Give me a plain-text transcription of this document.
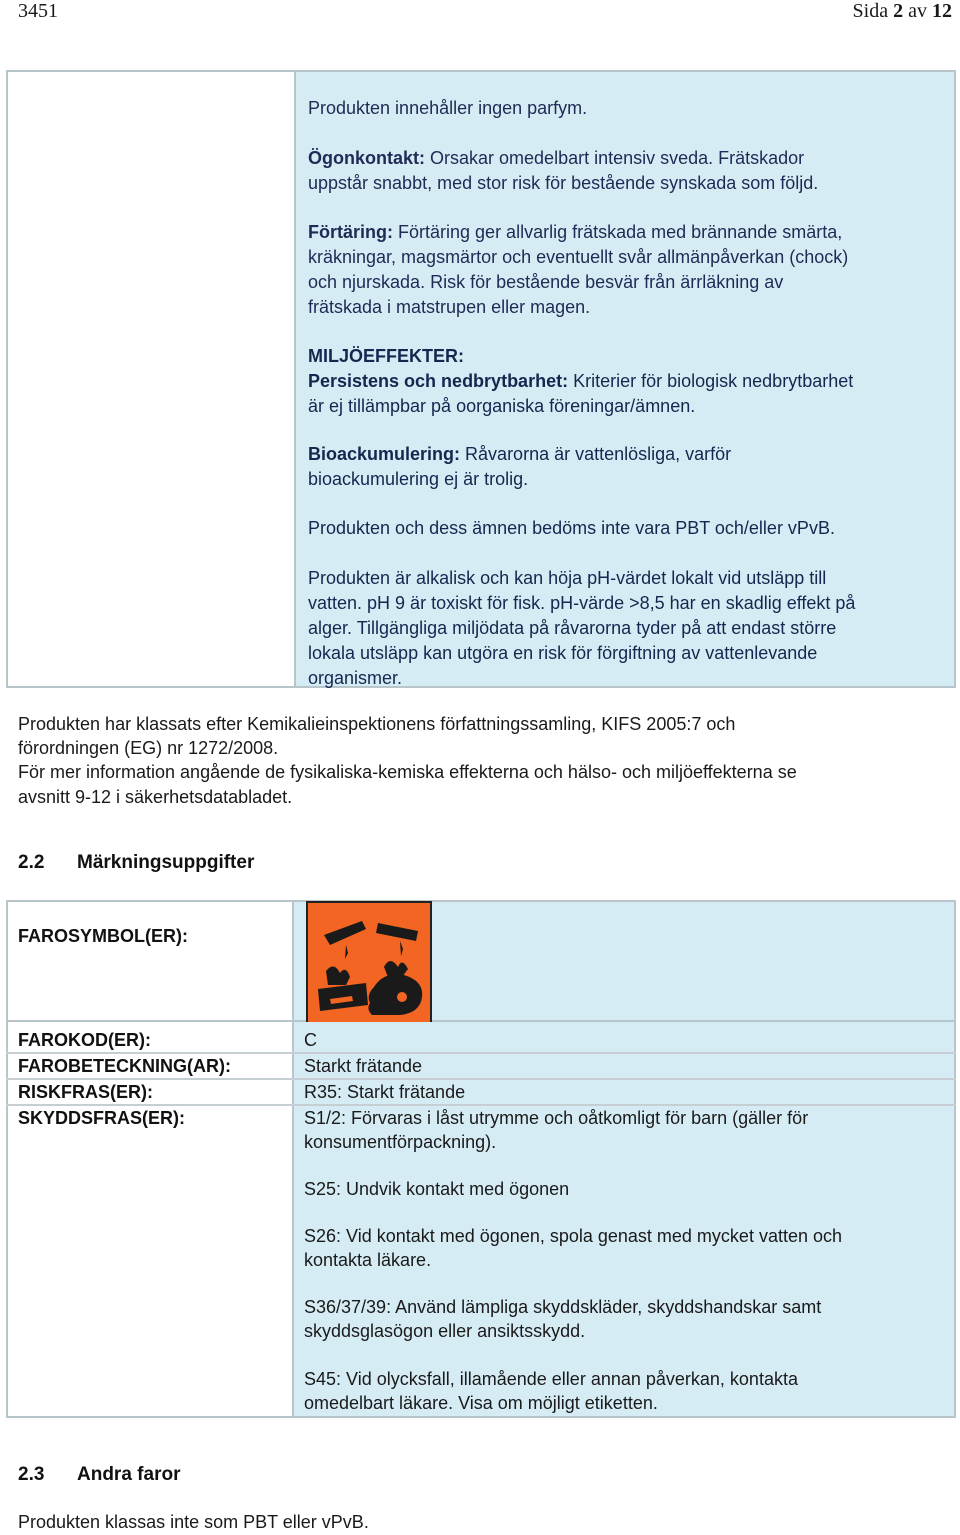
3451	Sida 2 av 12
Produkten innehåller ingen parfym.
Ögonkontakt: Orsakar omedelbart intensiv sveda. Frätskador
uppstår snabbt, med stor risk för bestående synskada som följd.
Förtäring: Förtäring ger allvarlig frätskada med brännande smärta,
kräkningar, magsmärtor och eventuellt svår allmänpåverkan (chock)
och njurskada. Risk för bestående besvär från ärrläkning av
frätskada i matstrupen eller magen.
MILJÖEFFEKTER:
Persistens och nedbrytbarhet: Kriterier för biologisk nedbrytbarhet
är ej tillämpbar på oorganiska föreningar/ämnen.
Bioackumulering: Råvarorna är vattenlösliga, varför
bioackumulering ej är trolig.
Produkten och dess ämnen bedöms inte vara PBT och/eller vPvB.
Produkten är alkalisk och kan höja pH-värdet lokalt vid utsläpp till
vatten. pH 9 är toxiskt för fisk. pH-värde >8,5 har en skadlig effekt på
alger. Tillgängliga miljödata på råvarorna tyder på att endast större
lokala utsläpp kan utgöra en risk för förgiftning av vattenlevande
organismer.
Produkten har klassats efter Kemikalieinspektionens författningssamling, KIFS 2005:7 och
förordningen (EG) nr 1272/2008.
För mer information angående de fysikaliska-kemiska effekterna och hälso- och miljöeffekterna se
avsnitt 9-12 i säkerhetsdatabladet.
2.2 Märkningsuppgifter
FAROSYMBOL(ER):
FAROKOD(ER):
FAROBETECKNING(AR):
RISKFRAS(ER):
SKYDDSFRAS(ER):
C
Starkt frätande
R35: Starkt frätande
S1/2: Förvaras i låst utrymme och oåtkomligt för barn (gäller för
konsumentförpackning).
S25: Undvik kontakt med ögonen
S26: Vid kontakt med ögonen, spola genast med mycket vatten och
kontakta läkare.
S36/37/39: Använd lämpliga skyddskläder, skyddshandskar samt
skyddsglasögon eller ansiktsskydd.
S45: Vid olycksfall, illamående eller annan påverkan, kontakta
omedelbart läkare. Visa om möjligt etiketten.
2.3 Andra faror
Produkten klassas inte som PBT eller vPvB.
